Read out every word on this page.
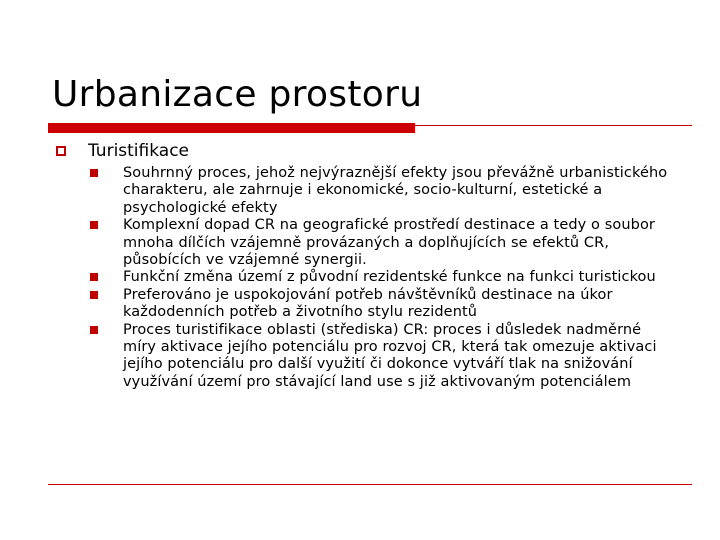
Urbanizace prostoru
Turistifikace
Souhrnný proces, jehož nejvýraznější efekty jsou převážně urbanistického charakteru, ale zahrnuje i ekonomické, socio-kulturní, estetické a psychologické efekty
Komplexní dopad CR na geografické prostředí destinace a tedy o soubor mnoha dílčích vzájemně provázaných a doplňujících se efektů CR, působících ve vzájemné synergii.
Funkční změna území z původní rezidentské funkce na funkci turistickou
Preferováno je uspokojování potřeb návštěvníků destinace na úkor každodenních potřeb a životního stylu rezidentů
Proces turistifikace oblasti (střediska) CR: proces i důsledek nadměrné míry aktivace jejího potenciálu pro rozvoj CR, která tak omezuje aktivaci jejího potenciálu pro další využití či dokonce vytváří tlak na snižování využívání území pro stávající land use s již aktivovaným potenciálem
